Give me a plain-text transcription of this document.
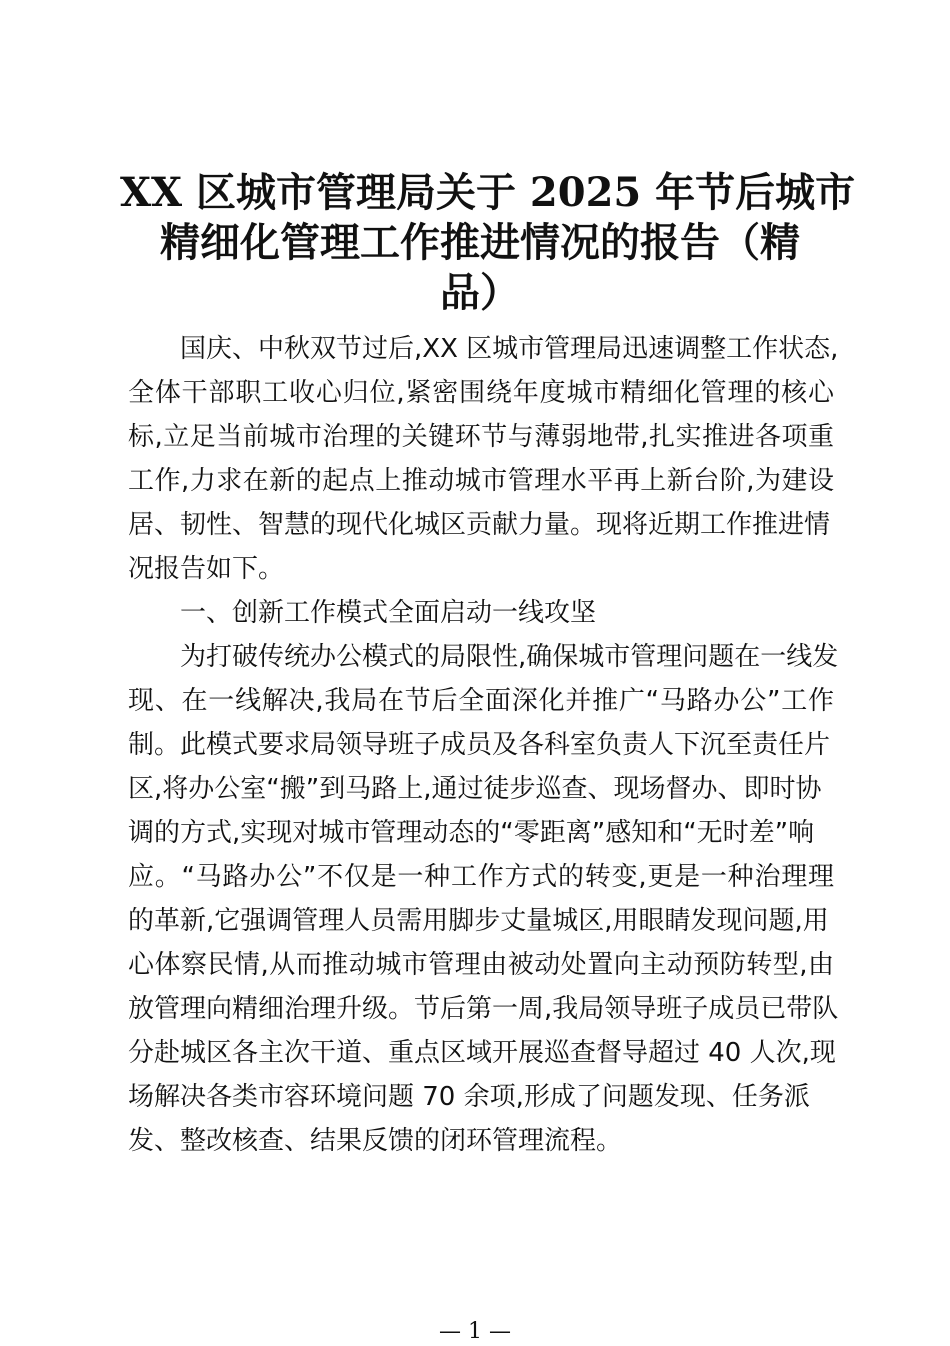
XX 区城市管理局关于 2025 年节后城市
精细化管理工作推进情况的报告（精
品）
国庆、中秋双节过后,XX 区城市管理局迅速调整工作状态,
全体干部职工收心归位,紧密围绕年度城市精细化管理的核心
标,立足当前城市治理的关键环节与薄弱地带,扎实推进各项重
工作,力求在新的起点上推动城市管理水平再上新台阶,为建设
居、韧性、智慧的现代化城区贡献力量。现将近期工作推进情
况报告如下。
一、创新工作模式全面启动一线攻坚
为打破传统办公模式的局限性,确保城市管理问题在一线发
现、在一线解决,我局在节后全面深化并推广“马路办公”工作
制。此模式要求局领导班子成员及各科室负责人下沉至责任片
区,将办公室“搬”到马路上,通过徒步巡查、现场督办、即时协
调的方式,实现对城市管理动态的“零距离”感知和“无时差”响
应。“马路办公”不仅是一种工作方式的转变,更是一种治理理
的革新,它强调管理人员需用脚步丈量城区,用眼睛发现问题,用
心体察民情,从而推动城市管理由被动处置向主动预防转型,由
放管理向精细治理升级。节后第一周,我局领导班子成员已带队
分赴城区各主次干道、重点区域开展巡查督导超过 40 人次,现
场解决各类市容环境问题 70 余项,形成了问题发现、任务派
发、整改核查、结果反馈的闭环管理流程。
— 1 —
